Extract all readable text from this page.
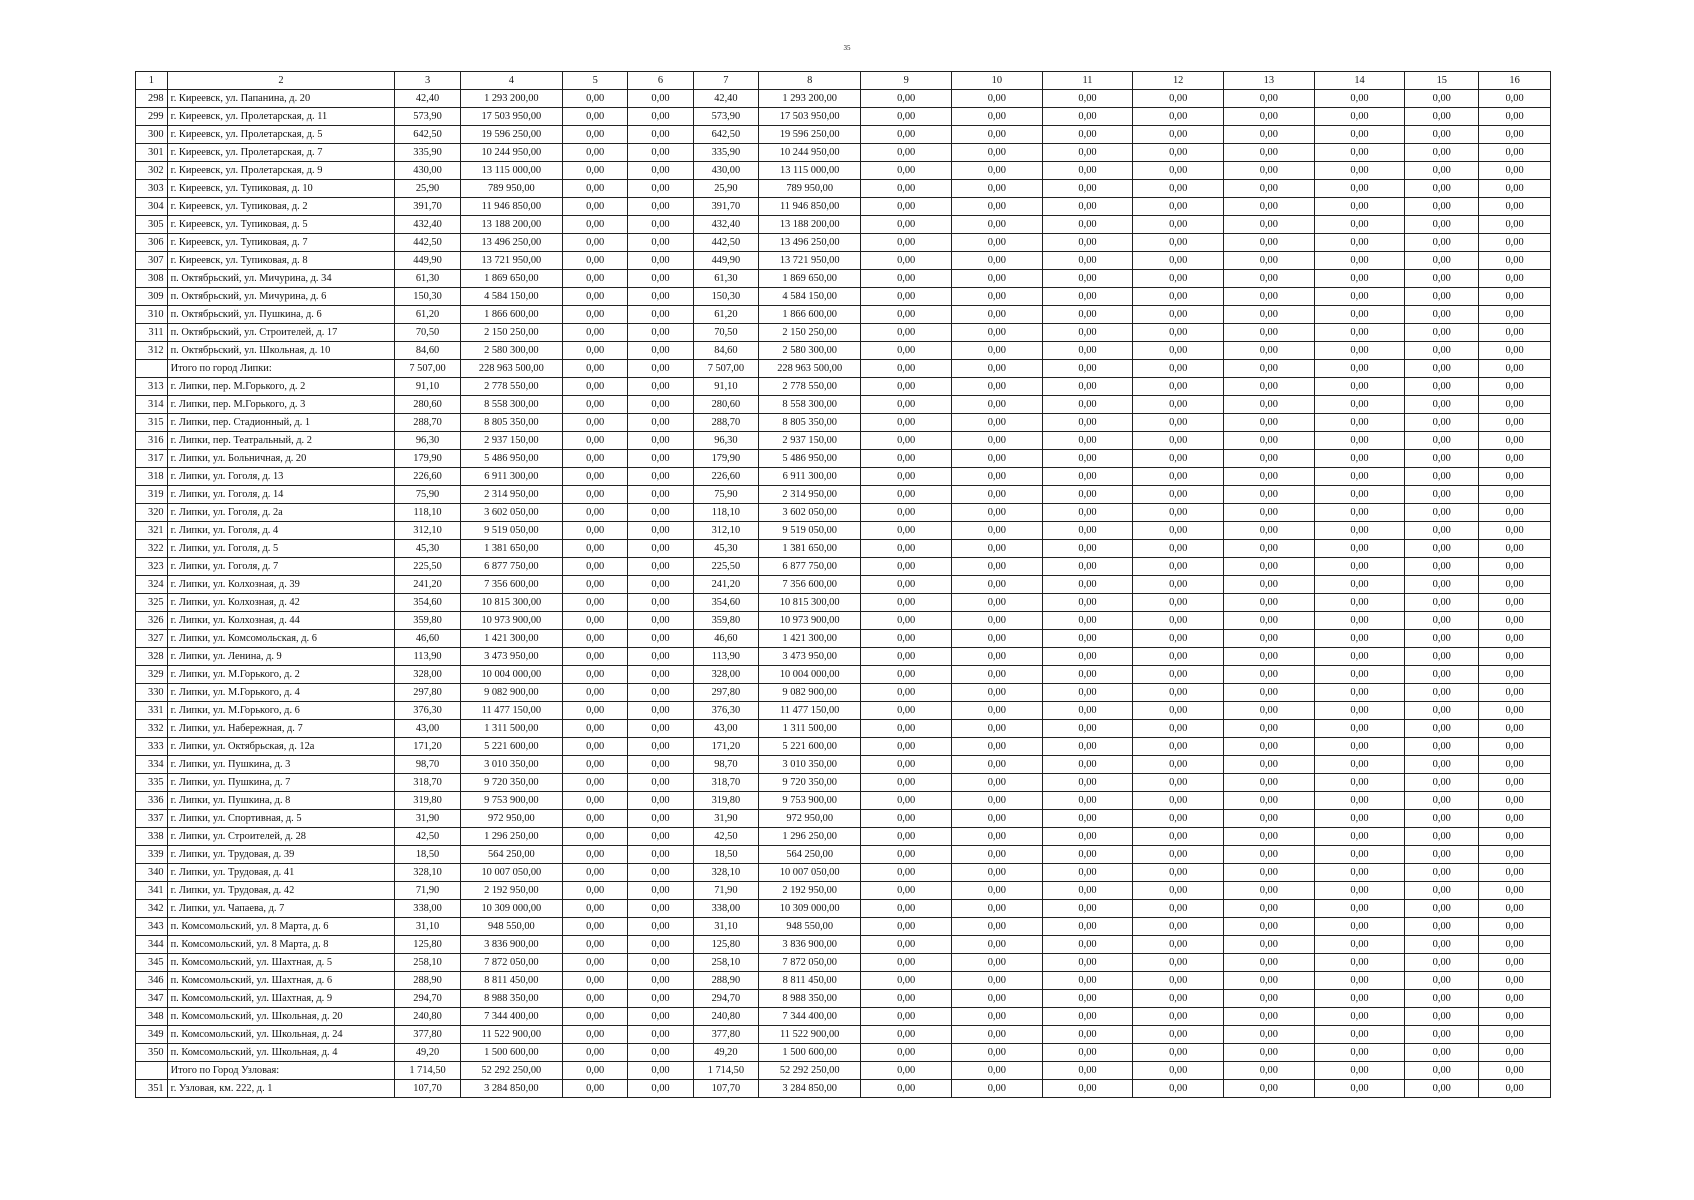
35
1	2	3	4	5	6	7	8	9	10	11	12	13	14	15	16
298	г. Киреевск, ул. Папанина, д. 20	42,40	1 293 200,00	0,00	0,00	42,40	1 293 200,00	0,00	0,00	0,00	0,00	0,00	0,00	0,00	0,00
299	г. Киреевск, ул. Пролетарская, д. 11	573,90	17 503 950,00	0,00	0,00	573,90	17 503 950,00	0,00	0,00	0,00	0,00	0,00	0,00	0,00	0,00
300	г. Киреевск, ул. Пролетарская, д. 5	642,50	19 596 250,00	0,00	0,00	642,50	19 596 250,00	0,00	0,00	0,00	0,00	0,00	0,00	0,00	0,00
301	г. Киреевск, ул. Пролетарская, д. 7	335,90	10 244 950,00	0,00	0,00	335,90	10 244 950,00	0,00	0,00	0,00	0,00	0,00	0,00	0,00	0,00
302	г. Киреевск, ул. Пролетарская, д. 9	430,00	13 115 000,00	0,00	0,00	430,00	13 115 000,00	0,00	0,00	0,00	0,00	0,00	0,00	0,00	0,00
303	г. Киреевск, ул. Тупиковая, д. 10	25,90	789 950,00	0,00	0,00	25,90	789 950,00	0,00	0,00	0,00	0,00	0,00	0,00	0,00	0,00
304	г. Киреевск, ул. Тупиковая, д. 2	391,70	11 946 850,00	0,00	0,00	391,70	11 946 850,00	0,00	0,00	0,00	0,00	0,00	0,00	0,00	0,00
305	г. Киреевск, ул. Тупиковая, д. 5	432,40	13 188 200,00	0,00	0,00	432,40	13 188 200,00	0,00	0,00	0,00	0,00	0,00	0,00	0,00	0,00
306	г. Киреевск, ул. Тупиковая, д. 7	442,50	13 496 250,00	0,00	0,00	442,50	13 496 250,00	0,00	0,00	0,00	0,00	0,00	0,00	0,00	0,00
307	г. Киреевск, ул. Тупиковая, д. 8	449,90	13 721 950,00	0,00	0,00	449,90	13 721 950,00	0,00	0,00	0,00	0,00	0,00	0,00	0,00	0,00
308	п. Октябрьский, ул. Мичурина, д. 34	61,30	1 869 650,00	0,00	0,00	61,30	1 869 650,00	0,00	0,00	0,00	0,00	0,00	0,00	0,00	0,00
309	п. Октябрьский, ул. Мичурина, д. 6	150,30	4 584 150,00	0,00	0,00	150,30	4 584 150,00	0,00	0,00	0,00	0,00	0,00	0,00	0,00	0,00
310	п. Октябрьский, ул. Пушкина, д. 6	61,20	1 866 600,00	0,00	0,00	61,20	1 866 600,00	0,00	0,00	0,00	0,00	0,00	0,00	0,00	0,00
311	п. Октябрьский, ул. Строителей, д. 17	70,50	2 150 250,00	0,00	0,00	70,50	2 150 250,00	0,00	0,00	0,00	0,00	0,00	0,00	0,00	0,00
312	п. Октябрьский, ул. Школьная, д. 10	84,60	2 580 300,00	0,00	0,00	84,60	2 580 300,00	0,00	0,00	0,00	0,00	0,00	0,00	0,00	0,00
	Итого по город Липки:	7 507,00	228 963 500,00	0,00	0,00	7 507,00	228 963 500,00	0,00	0,00	0,00	0,00	0,00	0,00	0,00	0,00
313	г. Липки, пер. М.Горького, д. 2	91,10	2 778 550,00	0,00	0,00	91,10	2 778 550,00	0,00	0,00	0,00	0,00	0,00	0,00	0,00	0,00
314	г. Липки, пер. М.Горького, д. 3	280,60	8 558 300,00	0,00	0,00	280,60	8 558 300,00	0,00	0,00	0,00	0,00	0,00	0,00	0,00	0,00
315	г. Липки, пер. Стадионный, д. 1	288,70	8 805 350,00	0,00	0,00	288,70	8 805 350,00	0,00	0,00	0,00	0,00	0,00	0,00	0,00	0,00
316	г. Липки, пер. Театральный, д. 2	96,30	2 937 150,00	0,00	0,00	96,30	2 937 150,00	0,00	0,00	0,00	0,00	0,00	0,00	0,00	0,00
317	г. Липки, ул. Больничная, д. 20	179,90	5 486 950,00	0,00	0,00	179,90	5 486 950,00	0,00	0,00	0,00	0,00	0,00	0,00	0,00	0,00
318	г. Липки, ул. Гоголя, д. 13	226,60	6 911 300,00	0,00	0,00	226,60	6 911 300,00	0,00	0,00	0,00	0,00	0,00	0,00	0,00	0,00
319	г. Липки, ул. Гоголя, д. 14	75,90	2 314 950,00	0,00	0,00	75,90	2 314 950,00	0,00	0,00	0,00	0,00	0,00	0,00	0,00	0,00
320	г. Липки, ул. Гоголя, д. 2а	118,10	3 602 050,00	0,00	0,00	118,10	3 602 050,00	0,00	0,00	0,00	0,00	0,00	0,00	0,00	0,00
321	г. Липки, ул. Гоголя, д. 4	312,10	9 519 050,00	0,00	0,00	312,10	9 519 050,00	0,00	0,00	0,00	0,00	0,00	0,00	0,00	0,00
322	г. Липки, ул. Гоголя, д. 5	45,30	1 381 650,00	0,00	0,00	45,30	1 381 650,00	0,00	0,00	0,00	0,00	0,00	0,00	0,00	0,00
323	г. Липки, ул. Гоголя, д. 7	225,50	6 877 750,00	0,00	0,00	225,50	6 877 750,00	0,00	0,00	0,00	0,00	0,00	0,00	0,00	0,00
324	г. Липки, ул. Колхозная, д. 39	241,20	7 356 600,00	0,00	0,00	241,20	7 356 600,00	0,00	0,00	0,00	0,00	0,00	0,00	0,00	0,00
325	г. Липки, ул. Колхозная, д. 42	354,60	10 815 300,00	0,00	0,00	354,60	10 815 300,00	0,00	0,00	0,00	0,00	0,00	0,00	0,00	0,00
326	г. Липки, ул. Колхозная, д. 44	359,80	10 973 900,00	0,00	0,00	359,80	10 973 900,00	0,00	0,00	0,00	0,00	0,00	0,00	0,00	0,00
327	г. Липки, ул. Комсомольская, д. 6	46,60	1 421 300,00	0,00	0,00	46,60	1 421 300,00	0,00	0,00	0,00	0,00	0,00	0,00	0,00	0,00
328	г. Липки, ул. Ленина, д. 9	113,90	3 473 950,00	0,00	0,00	113,90	3 473 950,00	0,00	0,00	0,00	0,00	0,00	0,00	0,00	0,00
329	г. Липки, ул. М.Горького, д. 2	328,00	10 004 000,00	0,00	0,00	328,00	10 004 000,00	0,00	0,00	0,00	0,00	0,00	0,00	0,00	0,00
330	г. Липки, ул. М.Горького, д. 4	297,80	9 082 900,00	0,00	0,00	297,80	9 082 900,00	0,00	0,00	0,00	0,00	0,00	0,00	0,00	0,00
331	г. Липки, ул. М.Горького, д. 6	376,30	11 477 150,00	0,00	0,00	376,30	11 477 150,00	0,00	0,00	0,00	0,00	0,00	0,00	0,00	0,00
332	г. Липки, ул. Набережная, д. 7	43,00	1 311 500,00	0,00	0,00	43,00	1 311 500,00	0,00	0,00	0,00	0,00	0,00	0,00	0,00	0,00
333	г. Липки, ул. Октябрьская, д. 12а	171,20	5 221 600,00	0,00	0,00	171,20	5 221 600,00	0,00	0,00	0,00	0,00	0,00	0,00	0,00	0,00
334	г. Липки, ул. Пушкина, д. 3	98,70	3 010 350,00	0,00	0,00	98,70	3 010 350,00	0,00	0,00	0,00	0,00	0,00	0,00	0,00	0,00
335	г. Липки, ул. Пушкина, д. 7	318,70	9 720 350,00	0,00	0,00	318,70	9 720 350,00	0,00	0,00	0,00	0,00	0,00	0,00	0,00	0,00
336	г. Липки, ул. Пушкина, д. 8	319,80	9 753 900,00	0,00	0,00	319,80	9 753 900,00	0,00	0,00	0,00	0,00	0,00	0,00	0,00	0,00
337	г. Липки, ул. Спортивная, д. 5	31,90	972 950,00	0,00	0,00	31,90	972 950,00	0,00	0,00	0,00	0,00	0,00	0,00	0,00	0,00
338	г. Липки, ул. Строителей, д. 28	42,50	1 296 250,00	0,00	0,00	42,50	1 296 250,00	0,00	0,00	0,00	0,00	0,00	0,00	0,00	0,00
339	г. Липки, ул. Трудовая, д. 39	18,50	564 250,00	0,00	0,00	18,50	564 250,00	0,00	0,00	0,00	0,00	0,00	0,00	0,00	0,00
340	г. Липки, ул. Трудовая, д. 41	328,10	10 007 050,00	0,00	0,00	328,10	10 007 050,00	0,00	0,00	0,00	0,00	0,00	0,00	0,00	0,00
341	г. Липки, ул. Трудовая, д. 42	71,90	2 192 950,00	0,00	0,00	71,90	2 192 950,00	0,00	0,00	0,00	0,00	0,00	0,00	0,00	0,00
342	г. Липки, ул. Чапаева, д. 7	338,00	10 309 000,00	0,00	0,00	338,00	10 309 000,00	0,00	0,00	0,00	0,00	0,00	0,00	0,00	0,00
343	п. Комсомольский, ул. 8 Марта, д. 6	31,10	948 550,00	0,00	0,00	31,10	948 550,00	0,00	0,00	0,00	0,00	0,00	0,00	0,00	0,00
344	п. Комсомольский, ул. 8 Марта, д. 8	125,80	3 836 900,00	0,00	0,00	125,80	3 836 900,00	0,00	0,00	0,00	0,00	0,00	0,00	0,00	0,00
345	п. Комсомольский, ул. Шахтная, д. 5	258,10	7 872 050,00	0,00	0,00	258,10	7 872 050,00	0,00	0,00	0,00	0,00	0,00	0,00	0,00	0,00
346	п. Комсомольский, ул. Шахтная, д. 6	288,90	8 811 450,00	0,00	0,00	288,90	8 811 450,00	0,00	0,00	0,00	0,00	0,00	0,00	0,00	0,00
347	п. Комсомольский, ул. Шахтная, д. 9	294,70	8 988 350,00	0,00	0,00	294,70	8 988 350,00	0,00	0,00	0,00	0,00	0,00	0,00	0,00	0,00
348	п. Комсомольский, ул. Школьная, д. 20	240,80	7 344 400,00	0,00	0,00	240,80	7 344 400,00	0,00	0,00	0,00	0,00	0,00	0,00	0,00	0,00
349	п. Комсомольский, ул. Школьная, д. 24	377,80	11 522 900,00	0,00	0,00	377,80	11 522 900,00	0,00	0,00	0,00	0,00	0,00	0,00	0,00	0,00
350	п. Комсомольский, ул. Школьная, д. 4	49,20	1 500 600,00	0,00	0,00	49,20	1 500 600,00	0,00	0,00	0,00	0,00	0,00	0,00	0,00	0,00
	Итого по Город Узловая:	1 714,50	52 292 250,00	0,00	0,00	1 714,50	52 292 250,00	0,00	0,00	0,00	0,00	0,00	0,00	0,00	0,00
351	г. Узловая, км. 222, д. 1	107,70	3 284 850,00	0,00	0,00	107,70	3 284 850,00	0,00	0,00	0,00	0,00	0,00	0,00	0,00	0,00
